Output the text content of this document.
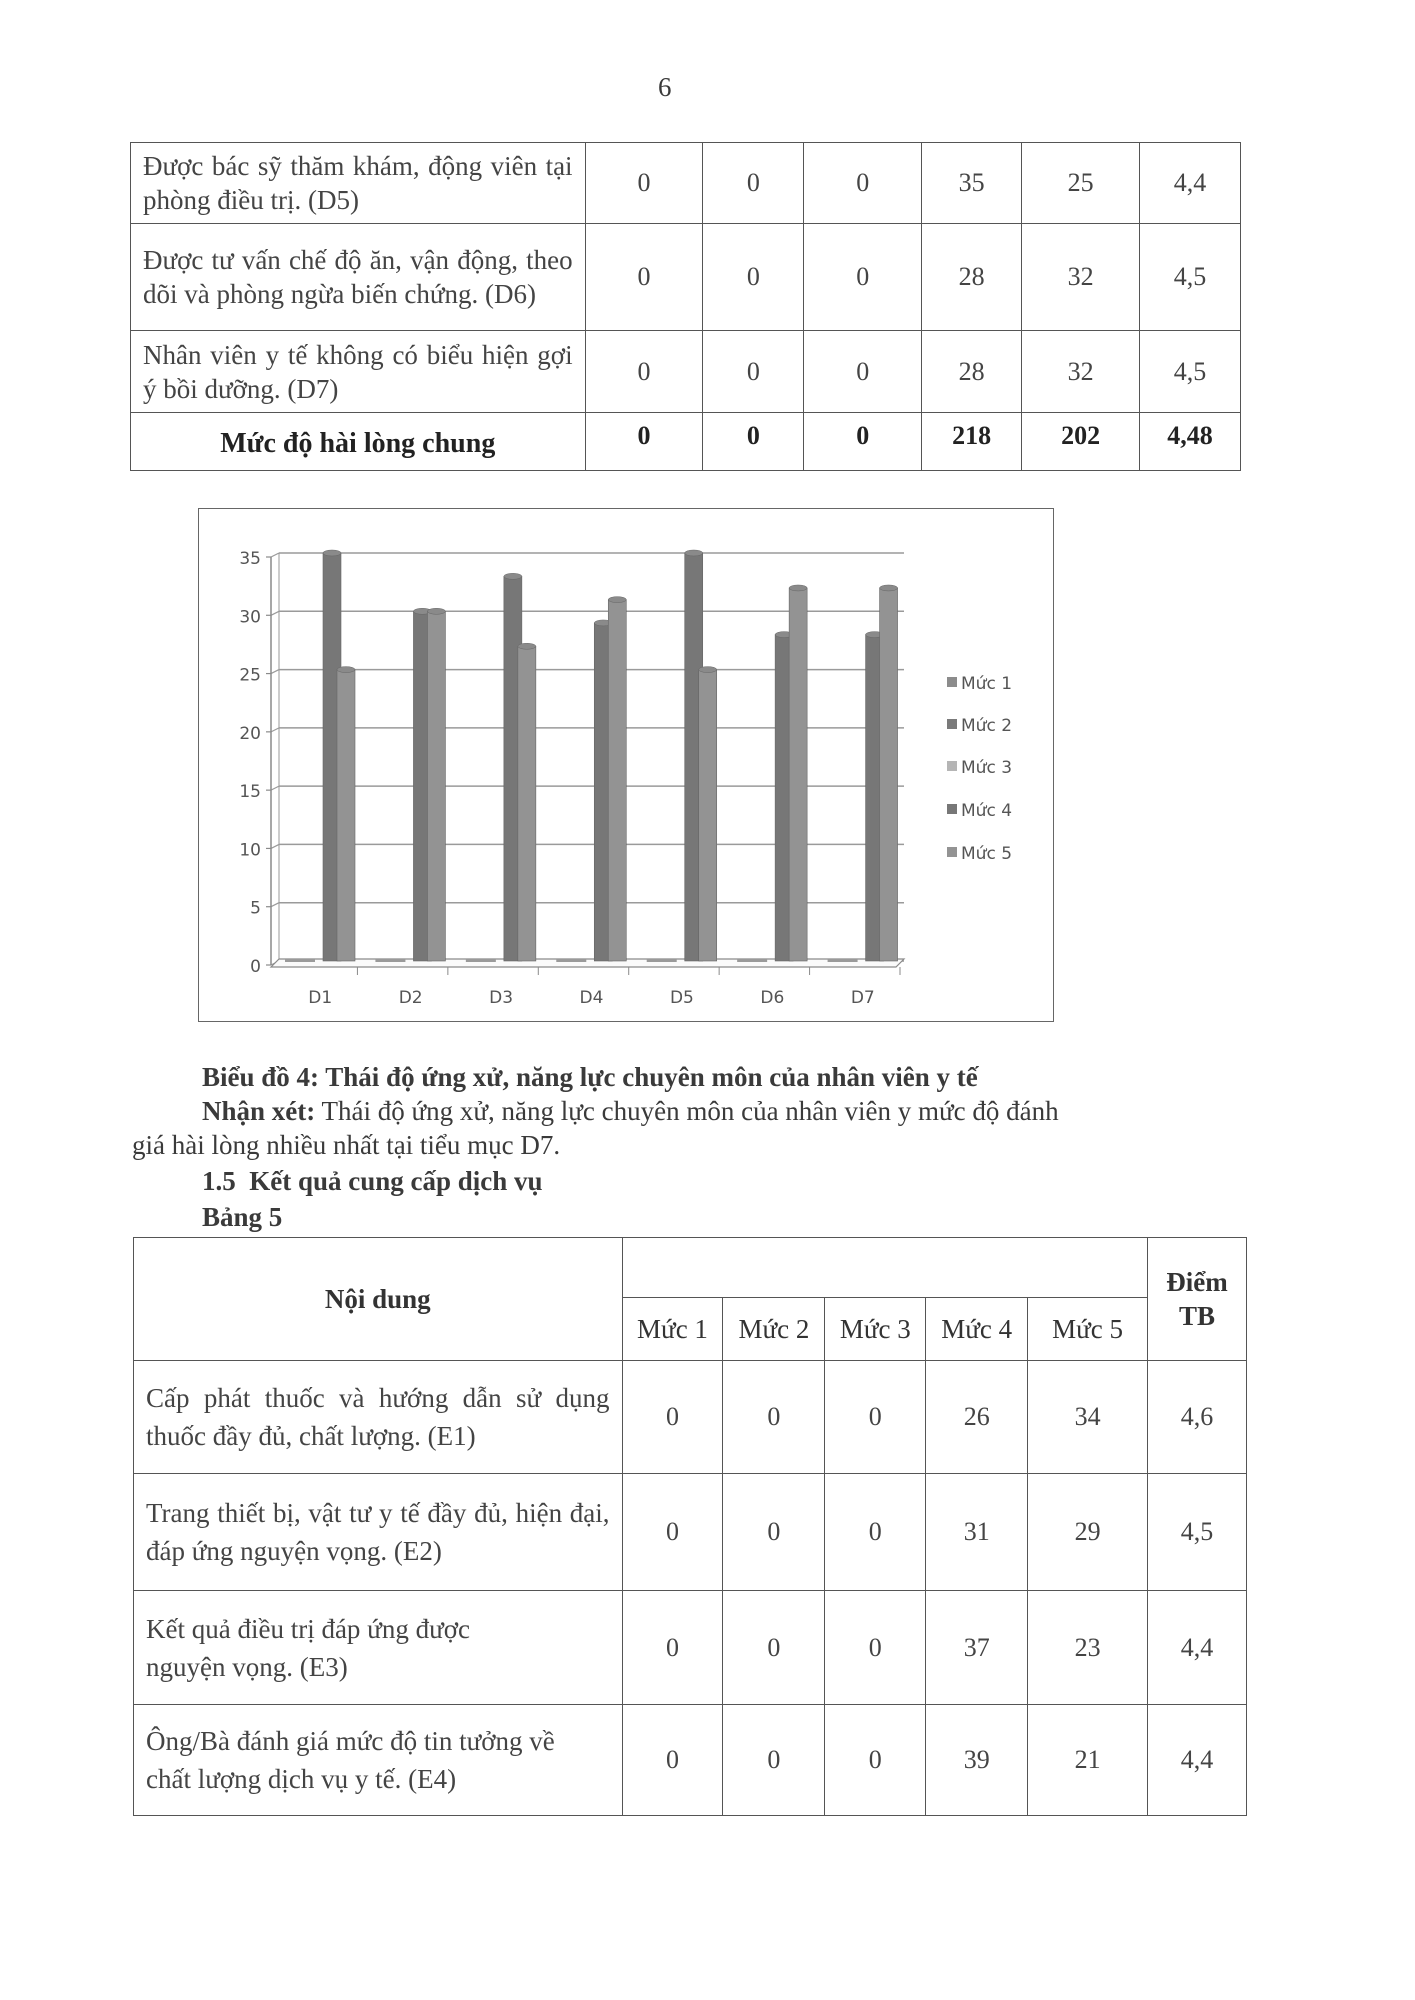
6
Được bác sỹ thăm khám, động viên tại phòng điều trị. (D5)	0	0	0	35	25	4,4
Được tư vấn chế độ ăn, vận động, theo dõi và phòng ngừa biến chứng. (D6)	0	0	0	28	32	4,5
Nhân viên y tế không có biểu hiện gợi ý bồi dưỡng. (D7)	0	0	0	28	32	4,5
Mức độ hài lòng chung	0	0	0	218	202	4,48
0
5
10
15
20
25
30
35
D1	D2	D3	D4	D5	D6	D7
Mức 1
Mức 2
Mức 3
Mức 4
Mức 5
Biểu đồ 4: Thái độ ứng xử, năng lực chuyên môn của nhân viên y tế
Nhận xét: Thái độ ứng xử, năng lực chuyên môn của nhân viên y mức độ đánh
giá hài lòng nhiều nhất tại tiểu mục D7.
1.5  Kết quả cung cấp dịch vụ
Bảng 5
Nội dung						Điểm
TB
	Mức 1	Mức 2	Mức 3	Mức 4	Mức 5	
Cấp phát thuốc và hướng dẫn sử dụng thuốc đầy đủ, chất lượng. (E1)	0	0	0	26	34	4,6
Trang thiết bị, vật tư y tế đầy đủ, hiện đại, đáp ứng nguyện vọng. (E2)	0	0	0	31	29	4,5
Kết quả điều trị đáp ứng được nguyện vọng. (E3)	0	0	0	37	23	4,4
Ông/Bà đánh giá mức độ tin tưởng về chất lượng dịch vụ y tế. (E4)	0	0	0	39	21	4,4
